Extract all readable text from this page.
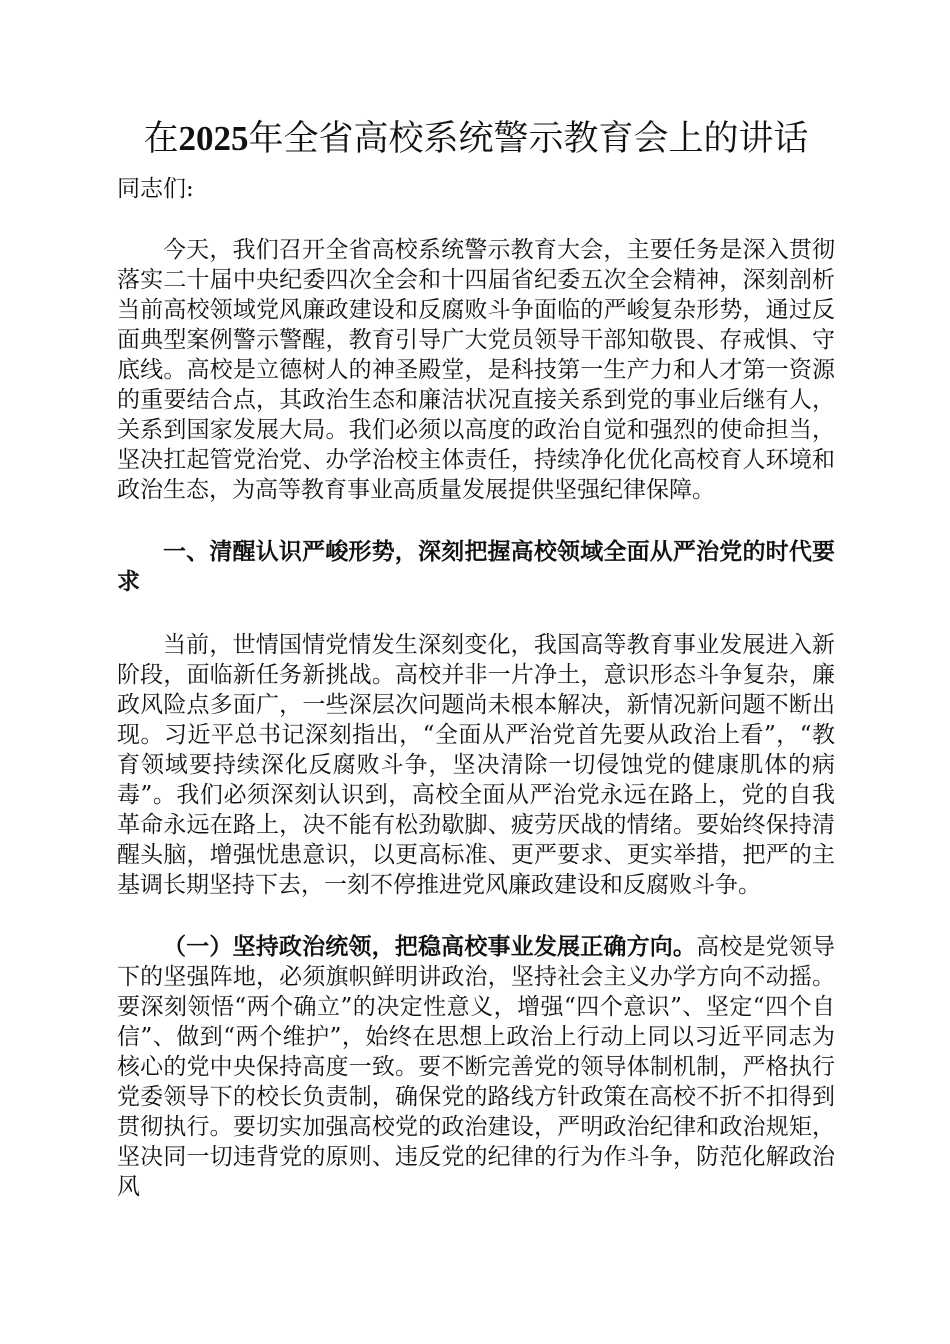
在2025年全省高校系统警示教育会上的讲话
同志们:

今天，我们召开全省高校系统警示教育大会，主要任务是深入贯彻落实二十届中央纪委四次全会和十四届省纪委五次全会精神，深刻剖析当前高校领域党风廉政建设和反腐败斗争面临的严峻复杂形势，通过反面典型案例警示警醒，教育引导广大党员领导干部知敬畏、存戒惧、守底线。高校是立德树人的神圣殿堂，是科技第一生产力和人才第一资源的重要结合点，其政治生态和廉洁状况直接关系到党的事业后继有人，关系到国家发展大局。我们必须以高度的政治自觉和强烈的使命担当，坚决扛起管党治党、办学治校主体责任，持续净化优化高校育人环境和政治生态，为高等教育事业高质量发展提供坚强纪律保障。

一、清醒认识严峻形势，深刻把握高校领域全面从严治党的时代要求

当前，世情国情党情发生深刻变化，我国高等教育事业发展进入新阶段，面临新任务新挑战。高校并非一片净土，意识形态斗争复杂，廉政风险点多面广，一些深层次问题尚未根本解决，新情况新问题不断出现。习近平总书记深刻指出，“全面从严治党首先要从政治上看”，“教育领域要持续深化反腐败斗争，坚决清除一切侵蚀党的健康肌体的病毒”。我们必须深刻认识到，高校全面从严治党永远在路上，党的自我革命永远在路上，决不能有松劲歇脚、疲劳厌战的情绪。要始终保持清醒头脑，增强忧患意识，以更高标准、更严要求、更实举措，把严的主基调长期坚持下去，一刻不停推进党风廉政建设和反腐败斗争。

（一）坚持政治统领，把稳高校事业发展正确方向。高校是党领导下的坚强阵地，必须旗帜鲜明讲政治，坚持社会主义办学方向不动摇。要深刻领悟“两个确立”的决定性意义，增强“四个意识”、坚定“四个自信”、做到“两个维护”，始终在思想上政治上行动上同以习近平同志为核心的党中央保持高度一致。要不断完善党的领导体制机制，严格执行党委领导下的校长负责制，确保党的路线方针政策在高校不折不扣得到贯彻执行。要切实加强高校党的政治建设，严明政治纪律和政治规矩，坚决同一切违背党的原则、违反党的纪律的行为作斗争，防范化解政治风
